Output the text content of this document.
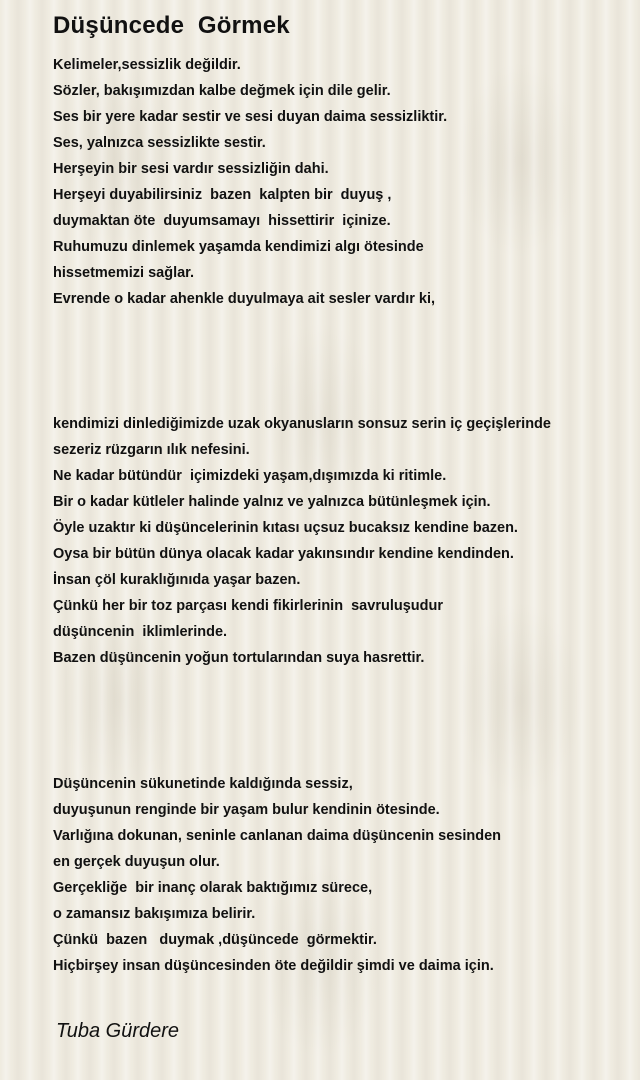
Düşüncede  Görmek
Kelimeler,sessizlik değildir.
Sözler, bakışımızdan kalbe değmek için dile gelir.
Ses bir yere kadar sestir ve sesi duyan daima sessizliktir.
Ses, yalnızca sessizlikte sestir.
Herşeyin bir sesi vardır sessizliğin dahi.
Herşeyi duyabilirsiniz  bazen  kalpten bir  duyuş ,
duymaktan öte  duyumsamayı  hissettirir  içinize.
Ruhumuzu dinlemek yaşamda kendimizi algı ötesinde
hissetmemizi sağlar.
Evrende o kadar ahenkle duyulmaya ait sesler vardır ki,
kendimizi dinlediğimizde uzak okyanusların sonsuz serin iç geçişlerinde
sezeriz rüzgarın ılık nefesini.
Ne kadar bütündür  içimizdeki yaşam,dışımızda ki ritimle.
Bir o kadar kütleler halinde yalnız ve yalnızca bütünleşmek için.
Öyle uzaktır ki düşüncelerinin kıtası uçsuz bucaksız kendine bazen.
Oysa bir bütün dünya olacak kadar yakınsındır kendine kendinden.
İnsan çöl kuraklığınıda yaşar bazen.
Çünkü her bir toz parçası kendi fikirlerinin  savruluşudur
düşüncenin  iklimlerinde.
Bazen düşüncenin yoğun tortularından suya hasrettir.
Düşüncenin sükunetinde kaldığında sessiz,
duyuşunun renginde bir yaşam bulur kendinin ötesinde.
Varlığına dokunan, seninle canlanan daima düşüncenin sesinden
en gerçek duyuşun olur.
Gerçekliğe  bir inanç olarak baktığımız sürece,
o zamansız bakışımıza belirir.
Çünkü  bazen   duymak ,düşüncede  görmektir.
Hiçbirşey insan düşüncesinden öte değildir şimdi ve daima için.

Tuba Gürdere
